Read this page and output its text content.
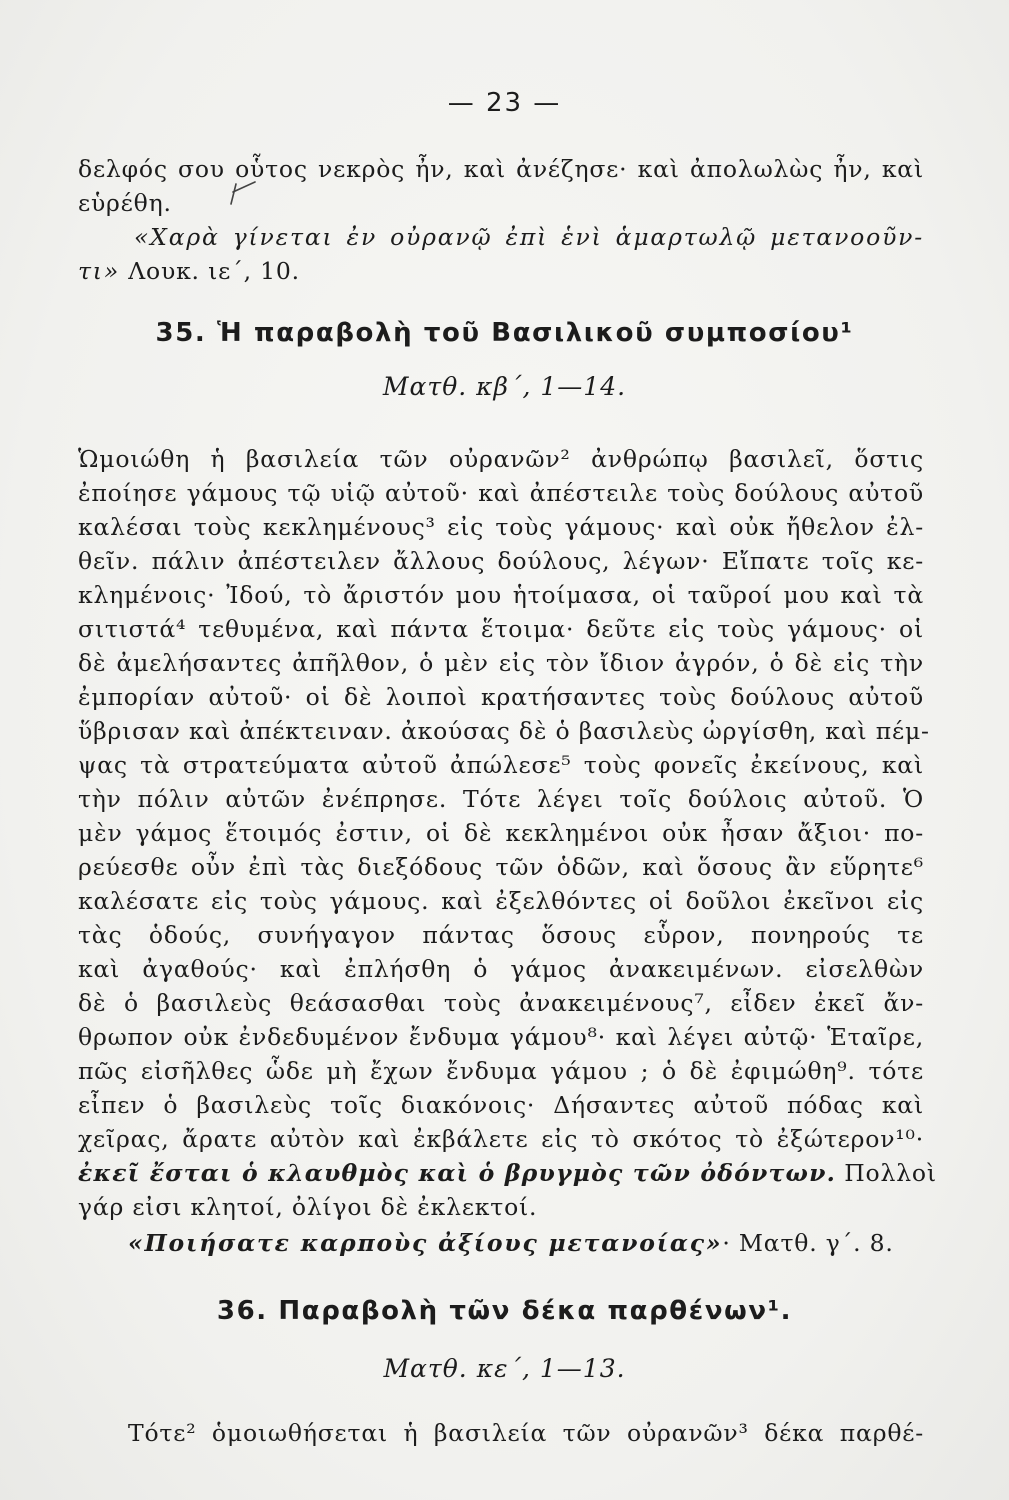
— 23 —
δελφός σου οὗτος νεκρὸς ἦν, καὶ ἀνέζησε· καὶ ἀπολωλὼς ἦν, καὶ
εὑρέθη.
«Χαρὰ γίνεται ἐν οὐρανῷ ἐπὶ ἑνὶ ἁμαρτωλῷ μετανοοῦν-
τι» Λουκ. ιε΄, 10.
35. Ἡ παραβολὴ τοῦ Βασιλικοῦ συμποσίου¹
Ματθ. κβ΄, 1—14.
Ὡμοιώθη ἡ βασιλεία τῶν οὐρανῶν² ἀνθρώπῳ βασιλεῖ, ὅστις
ἐποίησε γάμους τῷ υἱῷ αὐτοῦ· καὶ ἀπέστειλε τοὺς δούλους αὐτοῦ
καλέσαι τοὺς κεκλημένους³ εἰς τοὺς γάμους· καὶ οὐκ ἤθελον ἐλ-
θεῖν. πάλιν ἀπέστειλεν ἄλλους δούλους, λέγων· Εἴπατε τοῖς κε-
κλημένοις· Ἰδού, τὸ ἄριστόν μου ἡτοίμασα, οἱ ταῦροί μου καὶ τὰ
σιτιστά⁴ τεθυμένα, καὶ πάντα ἕτοιμα· δεῦτε εἰς τοὺς γάμους· οἱ
δὲ ἀμελήσαντες ἀπῆλθον, ὁ μὲν εἰς τὸν ἴδιον ἀγρόν, ὁ δὲ εἰς τὴν
ἐμπορίαν αὐτοῦ· οἱ δὲ λοιποὶ κρατήσαντες τοὺς δούλους αὐτοῦ
ὕβρισαν καὶ ἀπέκτειναν. ἀκούσας δὲ ὁ βασιλεὺς ὠργίσθη, καὶ πέμ-
ψας τὰ στρατεύματα αὐτοῦ ἀπώλεσε⁵ τοὺς φονεῖς ἐκείνους, καὶ
τὴν πόλιν αὐτῶν ἐνέπρησε. Τότε λέγει τοῖς δούλοις αὐτοῦ. Ὁ
μὲν γάμος ἕτοιμός ἐστιν, οἱ δὲ κεκλημένοι οὐκ ἦσαν ἄξιοι· πο-
ρεύεσθε οὖν ἐπὶ τὰς διεξόδους τῶν ὁδῶν, καὶ ὅσους ἂν εὕρητε⁶
καλέσατε εἰς τοὺς γάμους. καὶ ἐξελθόντες οἱ δοῦλοι ἐκεῖνοι εἰς
τὰς ὁδούς, συνήγαγον πάντας ὅσους εὗρον, πονηρούς τε
καὶ ἀγαθούς· καὶ ἐπλήσθη ὁ γάμος ἀνακειμένων. εἰσελθὼν
δὲ ὁ βασιλεὺς θεάσασθαι τοὺς ἀνακειμένους⁷, εἶδεν ἐκεῖ ἄν-
θρωπον οὐκ ἐνδεδυμένον ἔνδυμα γάμου⁸· καὶ λέγει αὐτῷ· Ἑταῖρε,
πῶς εἰσῆλθες ὧδε μὴ ἔχων ἔνδυμα γάμου ; ὁ δὲ ἐφιμώθη⁹. τότε
εἶπεν ὁ βασιλεὺς τοῖς διακόνοις· Δήσαντες αὐτοῦ πόδας καὶ
χεῖρας, ἄρατε αὐτὸν καὶ ἐκβάλετε εἰς τὸ σκότος τὸ ἐξώτερον¹⁰·
ἐκεῖ ἔσται ὁ κλαυθμὸς καὶ ὁ βρυγμὸς τῶν ὀδόντων. Πολλοὶ
γάρ εἰσι κλητοί, ὀλίγοι δὲ ἐκλεκτοί.
«Ποιήσατε καρποὺς ἀξίους μετανοίας»· Ματθ. γ΄. 8.
36. Παραβολὴ τῶν δέκα παρθένων¹.
Ματθ. κε΄, 1—13.
Τότε² ὁμοιωθήσεται ἡ βασιλεία τῶν οὐρανῶν³ δέκα παρθέ-
